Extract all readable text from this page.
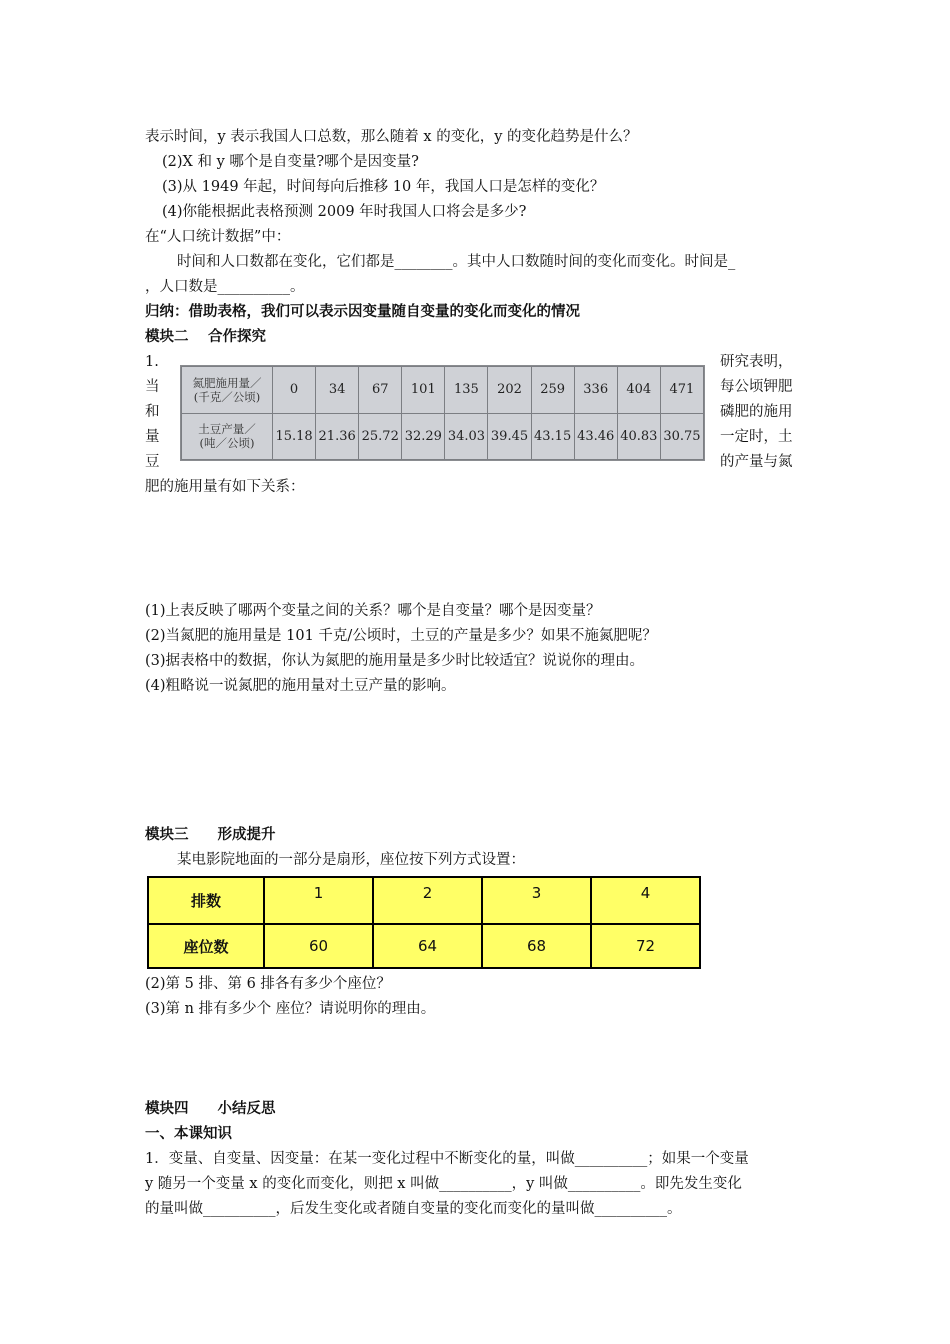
表示时间，y 表示我国人口总数，那么随着 x 的变化，y 的变化趋势是什么？
(2)X 和 y 哪个是自变量?哪个是因变量?
(3)从 1949 年起，时间每向后推移 10 年，我国人口是怎样的变化？
(4)你能根据此表格预测 2009 年时我国人口将会是多少?
在“人口统计数据”中：
时间和人口数都在变化，它们都是________。其中人口数随时间的变化而变化。时间是_
，人口数是__________。
归纳：借助表格，我们可以表示因变量随自变量的变化而变化的情况
模块二　 合作探究
1.
当
和
量
豆
研究表明，
每公顷钾肥
磷肥的施用
一定时，土
的产量与氮
氮肥施用量／
(千克／公顷)	0	34	67	101	135	202	259	336	404	471
土豆产量／
(吨／公顷)	15.18	21.36	25.72	32.29	34.03	39.45	43.15	43.46	40.83	30.75
肥的施用量有如下关系：
(1)上表反映了哪两个变量之间的关系？哪个是自变量？哪个是因变量？
(2)当氮肥的施用量是 101 千克/公顷时，土豆的产量是多少？如果不施氮肥呢？
(3)据表格中的数据，你认为氮肥的施用量是多少时比较适宜？说说你的理由。
(4)粗略说一说氮肥的施用量对土豆产量的影响。
模块三　　形成提升
某电影院地面的一部分是扇形，座位按下列方式设置：
排数	1	2	3	4
座位数	60	64	68	72
(2)第 5 排、第 6 排各有多少个座位？
(3)第 n 排有多少个 座位？请说明你的理由。
模块四　　小结反思
一、本课知识
1．变量、自变量、因变量：在某一变化过程中不断变化的量，叫做__________；如果一个变量
y 随另一个变量 x 的变化而变化，则把 x 叫做__________，y 叫做__________。即先发生变化
的量叫做__________，后发生变化或者随自变量的变化而变化的量叫做__________。
